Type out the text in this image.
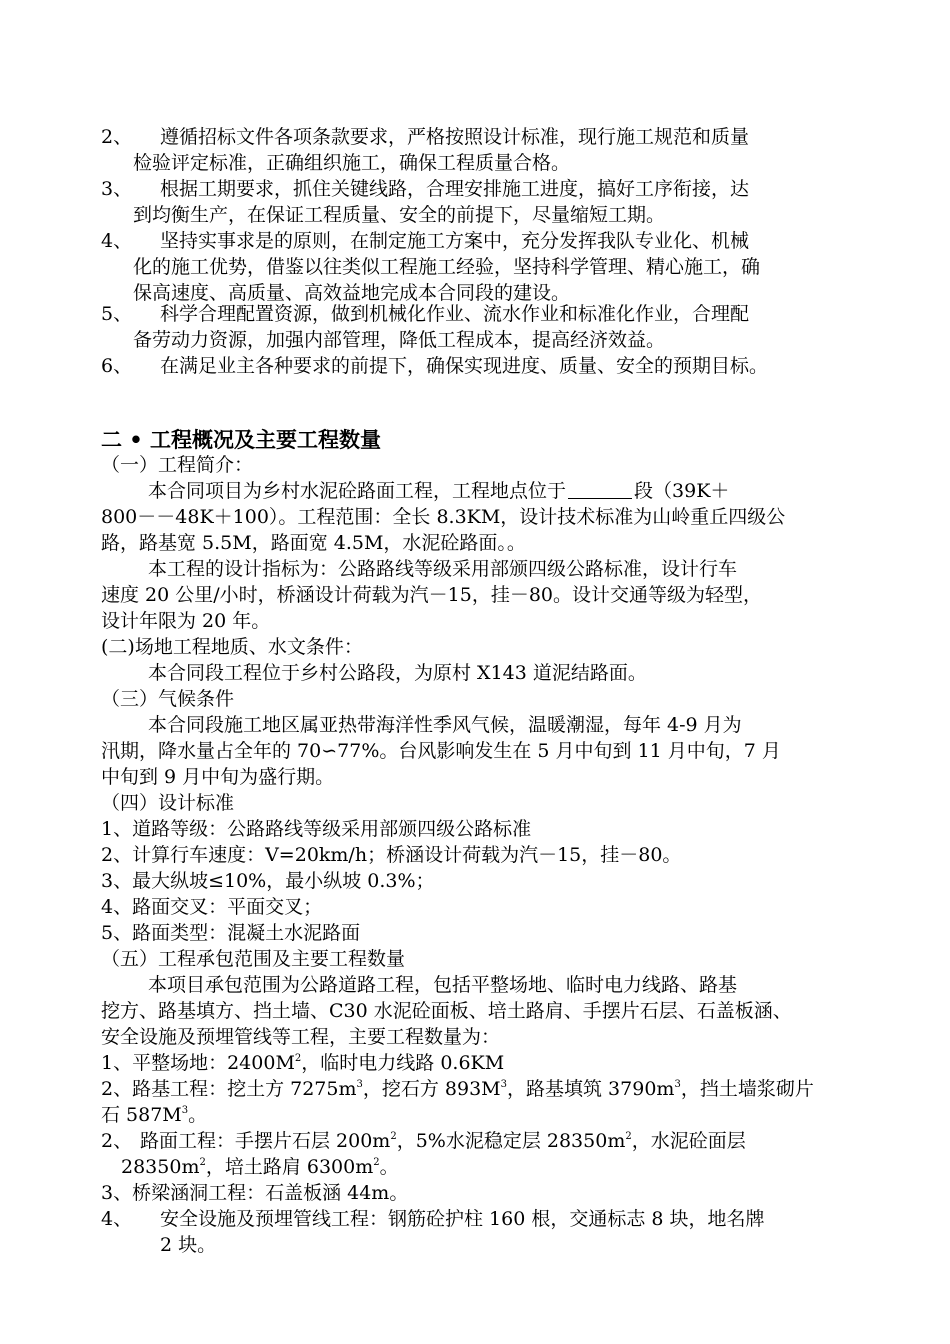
2、 遵循招标文件各项条款要求，严格按照设计标准，现行施工规范和质量
检验评定标准，正确组织施工，确保工程质量合格。
3、 根据工期要求，抓住关键线路，合理安排施工进度，搞好工序衔接，达
到均衡生产，在保证工程质量、安全的前提下，尽量缩短工期。
4、 坚持实事求是的原则，在制定施工方案中，充分发挥我队专业化、机械
化的施工优势，借鉴以往类似工程施工经验，坚持科学管理、精心施工，确
保高速度、高质量、高效益地完成本合同段的建设。
5、 科学合理配置资源，做到机械化作业、流水作业和标准化作业，合理配
备劳动力资源，加强内部管理，降低工程成本，提高经济效益。
6、 在满足业主各种要求的前提下，确保实现进度、质量、安全的预期目标。
二 • 工程概况及主要工程数量
（一）工程简介：
本合同项目为乡村水泥砼路面工程，工程地点位于	段（39K＋
800－－48K＋100）。工程范围：全长 8.3KM，设计技术标准为山岭重丘四级公
路，路基宽 5.5M，路面宽 4.5M，水泥砼路面。。
本工程的设计指标为：公路路线等级采用部颁四级公路标准，设计行车
速度 20 公里/小时，桥涵设计荷载为汽－15，挂－80。设计交通等级为轻型，
设计年限为 20 年。
(二)场地工程地质、水文条件：
本合同段工程位于乡村公路段，为原村 X143 道泥结路面。
（三）气候条件
本合同段施工地区属亚热带海洋性季风气候，温暖潮湿，每年 4-9 月为
汛期，降水量占全年的 70∽77%。台风影响发生在 5 月中旬到 11 月中旬，7 月
中旬到 9 月中旬为盛行期。
（四）设计标准
1、道路等级：公路路线等级采用部颁四级公路标准
2、计算行车速度：V=20km/h；桥涵设计荷载为汽－15，挂－80。
3、最大纵坡≤10%，最小纵坡 0.3%；
4、路面交叉：平面交叉；
5、路面类型：混凝土水泥路面
（五）工程承包范围及主要工程数量
本项目承包范围为公路道路工程，包括平整场地、临时电力线路、路基
挖方、路基填方、挡土墙、C30 水泥砼面板、培土路肩、手摆片石层、石盖板涵、
安全设施及预埋管线等工程，主要工程数量为：
1、平整场地：$2400M^2$，临时电力线路 0.6KM
2、路基工程：挖土方 $7275m^3$，挖石方 $893M^3$，路基填筑 $3790m^3$，挡土墙浆砌片
石 $587M^3$。
2、 路面工程：手摆片石层 $200m^2$，5%水泥稳定层 $28350m^2$，水泥砼面层
$28350m^2$，培土路肩 $6300m^2$。
3、桥梁涵洞工程：石盖板涵 44m。
4、 安全设施及预埋管线工程：钢筋砼护柱 160 根，交通标志 8 块，地名牌
2 块。
